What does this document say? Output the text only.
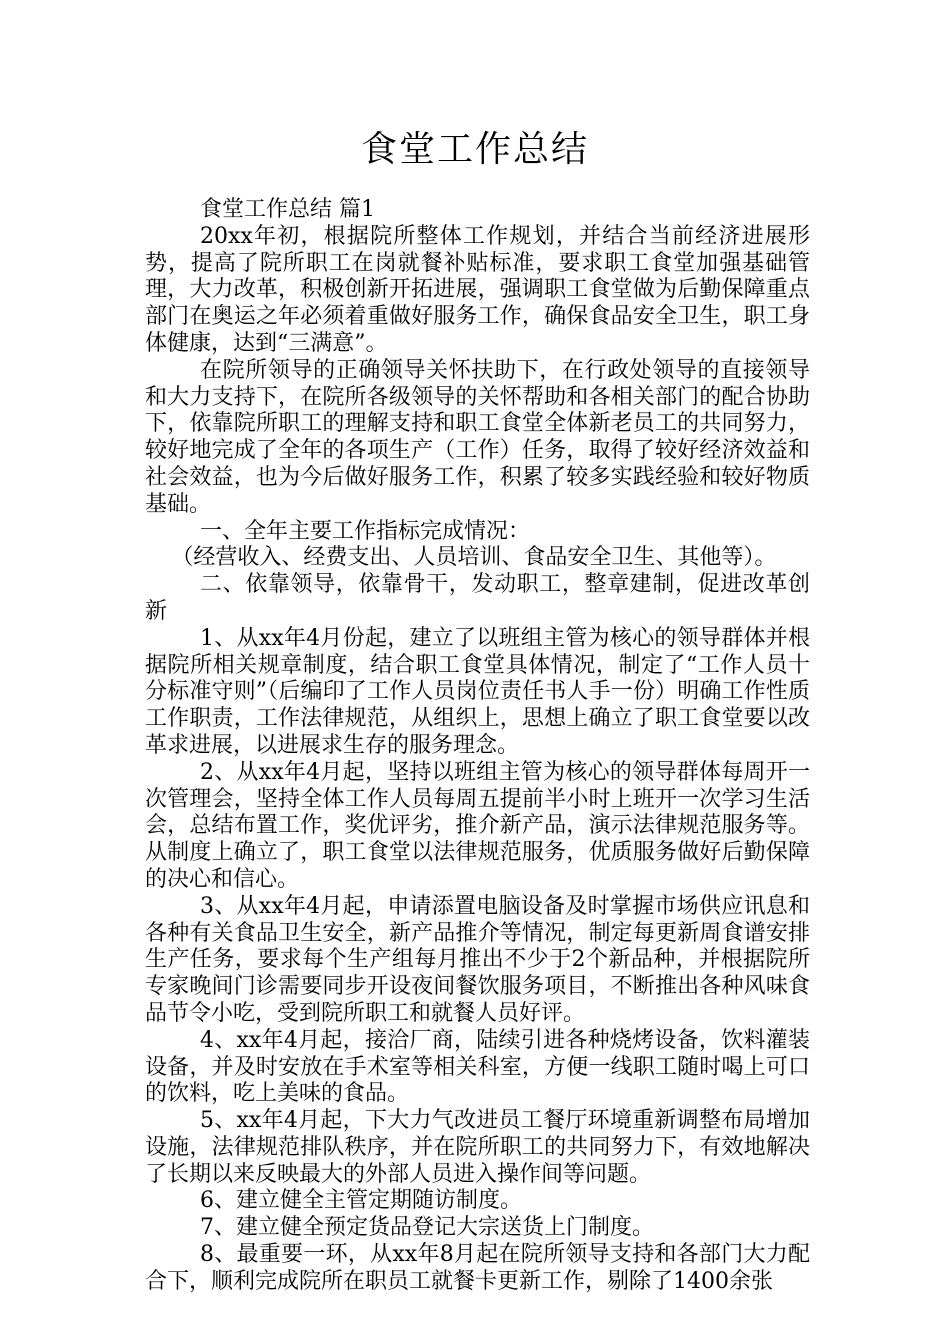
食堂工作总结

食堂工作总结 篇1

20xx年初，根据院所整体工作规划，并结合当前经济进展形势，提高了院所职工在岗就餐补贴标准，要求职工食堂加强基础管理，大力改革，积极创新开拓进展，强调职工食堂做为后勤保障重点部门在奥运之年必须着重做好服务工作，确保食品安全卫生，职工身体健康，达到“三满意”。

在院所领导的正确领导关怀扶助下，在行政处领导的直接领导和大力支持下，在院所各级领导的关怀帮助和各相关部门的配合协助下，依靠院所职工的理解支持和职工食堂全体新老员工的共同努力，较好地完成了全年的各项生产（工作）任务，取得了较好经济效益和社会效益，也为今后做好服务工作，积累了较多实践经验和较好物质基础。

一、全年主要工作指标完成情况：

（经营收入、经费支出、人员培训、食品安全卫生、其他等）。

二、依靠领导，依靠骨干，发动职工，整章建制，促进改革创新

1、从xx年4月份起，建立了以班组主管为核心的领导群体并根据院所相关规章制度，结合职工食堂具体情况，制定了“工作人员十分标准守则”（后编印了工作人员岗位责任书人手一份）明确工作性质工作职责，工作法律规范，从组织上，思想上确立了职工食堂要以改革求进展，以进展求生存的服务理念。

2、从xx年4月起，坚持以班组主管为核心的领导群体每周开一次管理会，坚持全体工作人员每周五提前半小时上班开一次学习生活会，总结布置工作，奖优评劣，推介新产品，演示法律规范服务等。从制度上确立了，职工食堂以法律规范服务，优质服务做好后勤保障的决心和信心。

3、从xx年4月起，申请添置电脑设备及时掌握市场供应讯息和各种有关食品卫生安全，新产品推介等情况，制定每更新周食谱安排生产任务，要求每个生产组每月推出不少于2个新品种，并根据院所专家晚间门诊需要同步开设夜间餐饮服务项目，不断推出各种风味食品节令小吃，受到院所职工和就餐人员好评。

4、xx年4月起，接洽厂商，陆续引进各种烧烤设备，饮料灌装设备，并及时安放在手术室等相关科室，方便一线职工随时喝上可口的饮料，吃上美味的食品。

5、xx年4月起，下大力气改进员工餐厅环境重新调整布局增加设施，法律规范排队秩序，并在院所职工的共同努力下，有效地解决了长期以来反映最大的外部人员进入操作间等问题。

6、建立健全主管定期随访制度。

7、建立健全预定货品登记大宗送货上门制度。

8、最重要一环，从xx年8月起在院所领导支持和各部门大力配合下，顺利完成院所在职员工就餐卡更新工作，剔除了1400余张
